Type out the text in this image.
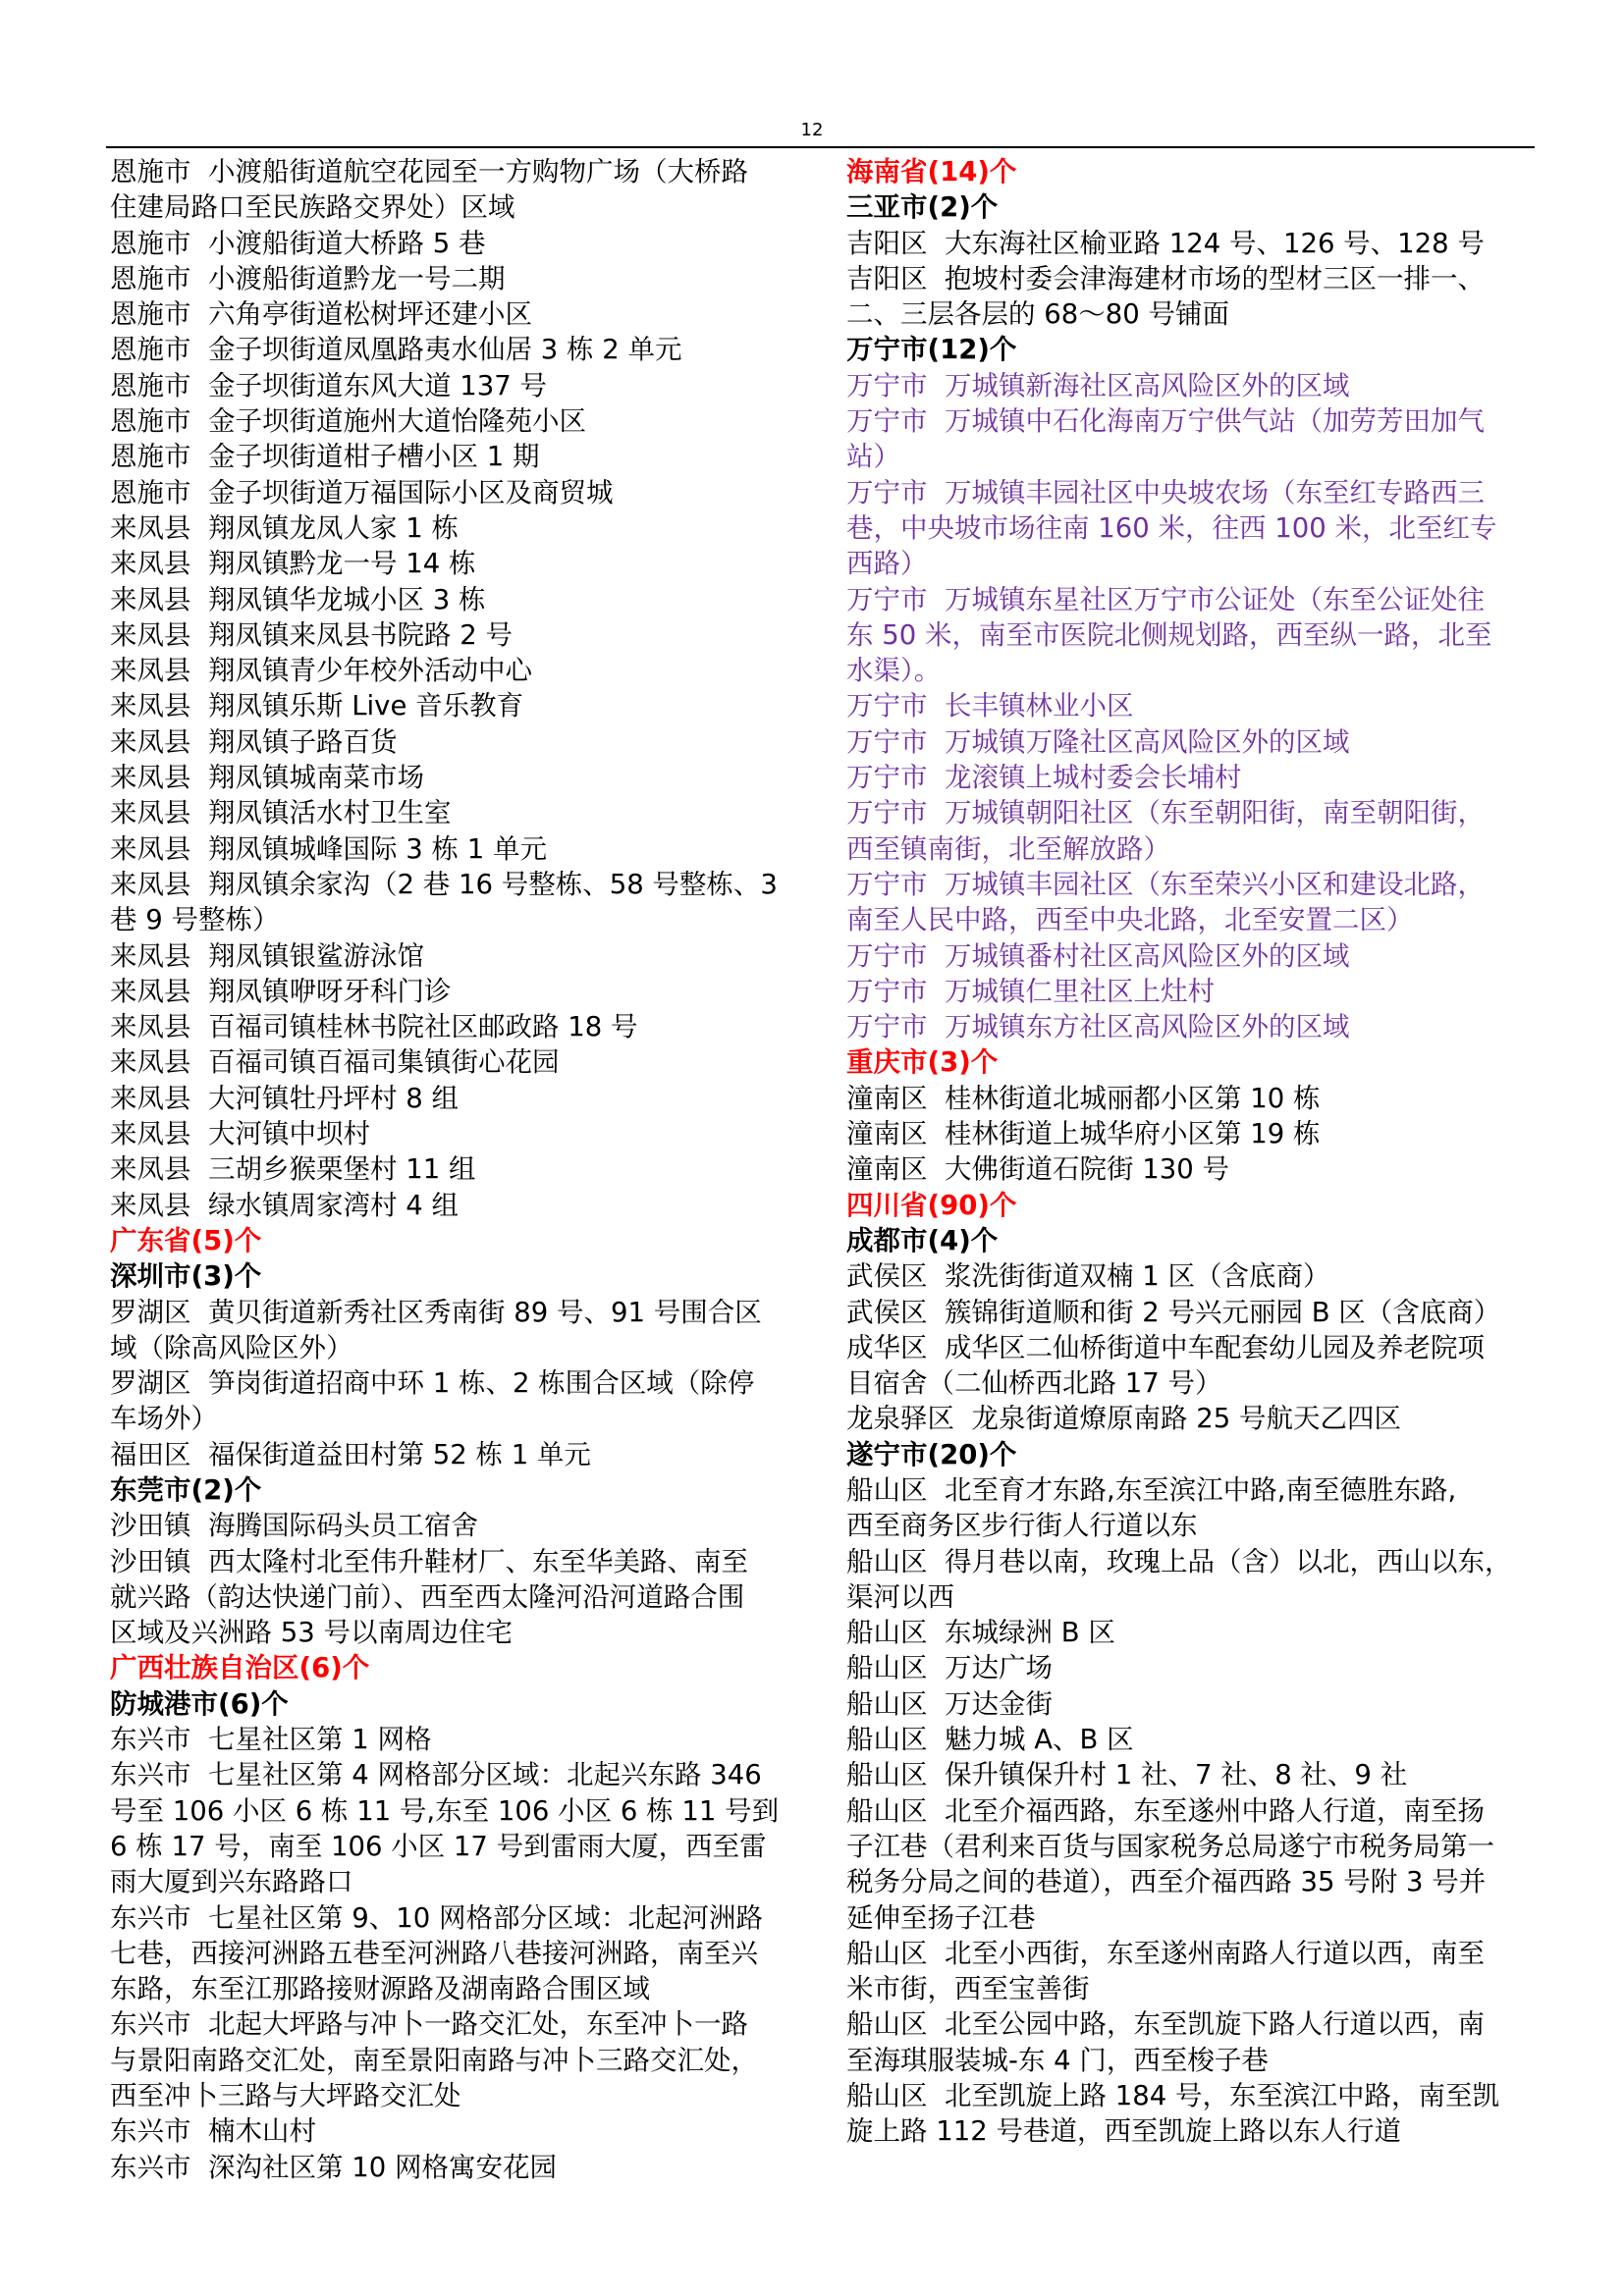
12
恩施市  小渡船街道航空花园至一方购物广场（大桥路
住建局路口至民族路交界处）区域
恩施市  小渡船街道大桥路 5 巷
恩施市  小渡船街道黔龙一号二期
恩施市  六角亭街道松树坪还建小区
恩施市  金子坝街道凤凰路夷水仙居 3 栋 2 单元
恩施市  金子坝街道东风大道 137 号
恩施市  金子坝街道施州大道怡隆苑小区
恩施市  金子坝街道柑子槽小区 1 期
恩施市  金子坝街道万福国际小区及商贸城
来凤县  翔凤镇龙凤人家 1 栋
来凤县  翔凤镇黔龙一号 14 栋
来凤县  翔凤镇华龙城小区 3 栋
来凤县  翔凤镇来凤县书院路 2 号
来凤县  翔凤镇青少年校外活动中心
来凤县  翔凤镇乐斯 Live 音乐教育
来凤县  翔凤镇子路百货
来凤县  翔凤镇城南菜市场
来凤县  翔凤镇活水村卫生室
来凤县  翔凤镇城峰国际 3 栋 1 单元
来凤县  翔凤镇余家沟（2 巷 16 号整栋、58 号整栋、3
巷 9 号整栋）
来凤县  翔凤镇银鲨游泳馆
来凤县  翔凤镇咿呀牙科门诊
来凤县  百福司镇桂林书院社区邮政路 18 号
来凤县  百福司镇百福司集镇街心花园
来凤县  大河镇牡丹坪村 8 组
来凤县  大河镇中坝村
来凤县  三胡乡猴栗堡村 11 组
来凤县  绿水镇周家湾村 4 组
广东省(5)个
深圳市(3)个
罗湖区  黄贝街道新秀社区秀南街 89 号、91 号围合区
域（除高风险区外）
罗湖区  笋岗街道招商中环 1 栋、2 栋围合区域（除停
车场外）
福田区  福保街道益田村第 52 栋 1 单元
东莞市(2)个
沙田镇  海腾国际码头员工宿舍
沙田镇  西太隆村北至伟升鞋材厂、东至华美路、南至
就兴路（韵达快递门前）、西至西太隆河沿河道路合围
区域及兴洲路 53 号以南周边住宅
广西壮族自治区(6)个
防城港市(6)个
东兴市  七星社区第 1 网格
东兴市  七星社区第 4 网格部分区域：北起兴东路 346
号至 106 小区 6 栋 11 号,东至 106 小区 6 栋 11 号到
6 栋 17 号，南至 106 小区 17 号到雷雨大厦，西至雷
雨大厦到兴东路路口
东兴市  七星社区第 9、10 网格部分区域：北起河洲路
七巷，西接河洲路五巷至河洲路八巷接河洲路，南至兴
东路，东至江那路接财源路及湖南路合围区域
东兴市  北起大坪路与冲卜一路交汇处，东至冲卜一路
与景阳南路交汇处，南至景阳南路与冲卜三路交汇处，
西至冲卜三路与大坪路交汇处
东兴市  楠木山村
东兴市  深沟社区第 10 网格寓安花园
海南省(14)个
三亚市(2)个
吉阳区  大东海社区榆亚路 124 号、126 号、128 号
吉阳区  抱坡村委会津海建材市场的型材三区一排一、
二、三层各层的 68～80 号铺面
万宁市(12)个
万宁市  万城镇新海社区高风险区外的区域
万宁市  万城镇中石化海南万宁供气站（加劳芳田加气
站）
万宁市  万城镇丰园社区中央坡农场（东至红专路西三
巷，中央坡市场往南 160 米，往西 100 米，北至红专
西路）
万宁市  万城镇东星社区万宁市公证处（东至公证处往
东 50 米，南至市医院北侧规划路，西至纵一路，北至
水渠）。
万宁市  长丰镇林业小区
万宁市  万城镇万隆社区高风险区外的区域
万宁市  龙滚镇上城村委会长埔村
万宁市  万城镇朝阳社区（东至朝阳街，南至朝阳街，
西至镇南街，北至解放路）
万宁市  万城镇丰园社区（东至荣兴小区和建设北路，
南至人民中路，西至中央北路，北至安置二区）
万宁市  万城镇番村社区高风险区外的区域
万宁市  万城镇仁里社区上灶村
万宁市  万城镇东方社区高风险区外的区域
重庆市(3)个
潼南区  桂林街道北城丽都小区第 10 栋
潼南区  桂林街道上城华府小区第 19 栋
潼南区  大佛街道石院街 130 号
四川省(90)个
成都市(4)个
武侯区  浆洗街街道双楠 1 区（含底商）
武侯区  簇锦街道顺和街 2 号兴元丽园 B 区（含底商）
成华区  成华区二仙桥街道中车配套幼儿园及养老院项
目宿舍（二仙桥西北路 17 号）
龙泉驿区  龙泉街道燎原南路 25 号航天乙四区
遂宁市(20)个
船山区  北至育才东路,东至滨江中路,南至德胜东路,
西至商务区步行街人行道以东
船山区  得月巷以南，玫瑰上品（含）以北，西山以东，
渠河以西
船山区  东城绿洲 B 区
船山区  万达广场
船山区  万达金街
船山区  魅力城 A、B 区
船山区  保升镇保升村 1 社、7 社、8 社、9 社
船山区  北至介福西路，东至遂州中路人行道，南至扬
子江巷（君利来百货与国家税务总局遂宁市税务局第一
税务分局之间的巷道），西至介福西路 35 号附 3 号并
延伸至扬子江巷
船山区  北至小西街，东至遂州南路人行道以西，南至
米市街，西至宝善街
船山区  北至公园中路，东至凯旋下路人行道以西，南
至海琪服装城-东 4 门，西至梭子巷
船山区  北至凯旋上路 184 号，东至滨江中路，南至凯
旋上路 112 号巷道，西至凯旋上路以东人行道
